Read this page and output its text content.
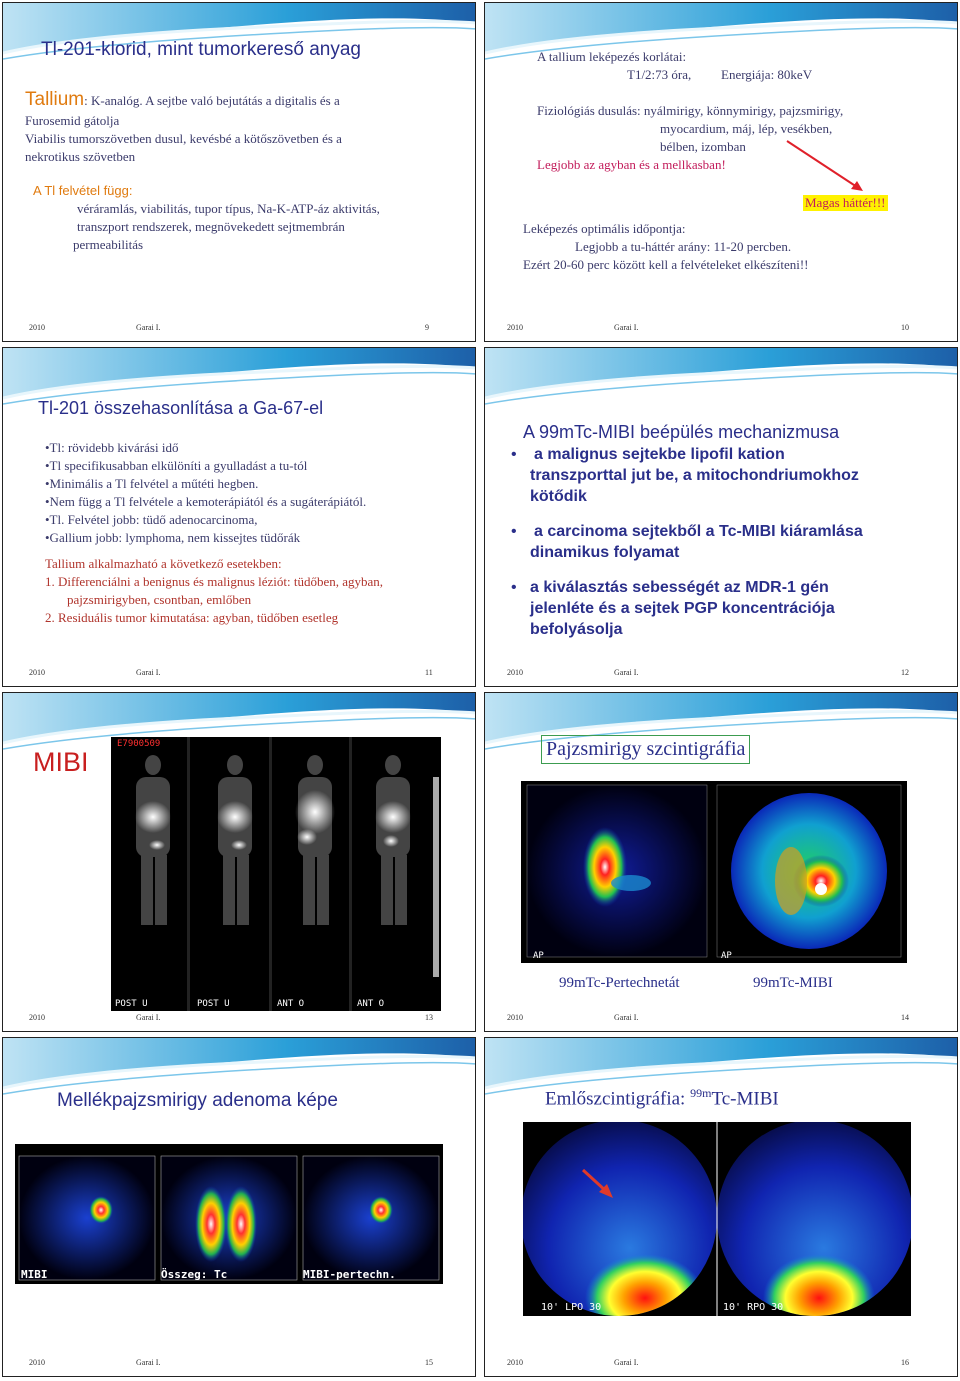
Tl-201-klorid, mint tumorkereső anyag
Tallium: K-analóg. A sejtbe való bejutátás a digitalis és a
Furosemid gátolja
Viabilis tumorszövetben dusul, kevésbé a kötőszövetben és a
nekrotikus szövetben
A Tl felvétel függ:
véráramlás, viabilitás, tupor típus, Na-K-ATP-áz aktivitás,
transzport rendszerek, megnövekedett sejtmembrán
permeabilitás
2010	Garai I.	9
A tallium leképezés korlátai:
T1/2:73 óra, Energiája: 80keV
Fiziológiás dusulás: nyálmirigy, könnymirigy, pajzsmirigy,
myocardium, máj, lép, vesékben,
bélben, izomban
Legjobb az agyban és a mellkasban!
Magas háttér!!!
Leképezés optimális időpontja:
Legjobb a tu-háttér arány: 11-20 percben.
Ezért 20-60 perc között kell a felvételeket elkészíteni!!
2010	Garai I.	10
Tl-201 összehasonlítása a Ga-67-el
•Tl: rövidebb kivárási idő
•Tl specifikusabban elkülöníti a gyulladást a tu-tól
•Minimális a Tl felvétel a műtéti hegben.
•Nem függ a Tl felvétele a kemoterápiától és a sugáterápiától.
•Tl. Felvétel jobb: tüdő adenocarcinoma,
•Gallium jobb: lymphoma, nem kissejtes tüdőrák
Tallium alkalmazható a következő esetekben:
1. Differenciálni a benignus és malignus léziót: tüdőben, agyban,
pajzsmirigyben, csontban, emlőben
2. Residuális tumor kimutatása: agyban, tüdőben esetleg
2010	Garai I.	11
A 99mTc-MIBI beépülés mechanizmusa
• a malignus sejtekbe lipofil kation
transzporttal jut be, a mitochondriumokhoz
kötődik
• a carcinoma sejtekből a Tc-MIBI kiáramlása
dinamikus folyamat
• a kiválasztás sebességét az MDR-1 gén
jelenléte és a sejtek PGP koncentrációja
befolyásolja
2010	Garai I.	12
MIBI
E7900509
POST U	POST U	ANT O	ANT O
2010	Garai I.	13
Pajzsmirigy szcintigráfia
AP	AP
99mTc-Pertechnetát	99mTc-MIBI
2010	Garai I.	14
Mellékpajzsmirigy adenoma képe
MIBI	Összeg: Tc	MIBI-pertechn.
2010	Garai I.	15
Emlőszcintigráfia: $^{99m}$Tc-MIBI
10' LPO 30	10' RPO 30
2010	Garai I.	16
